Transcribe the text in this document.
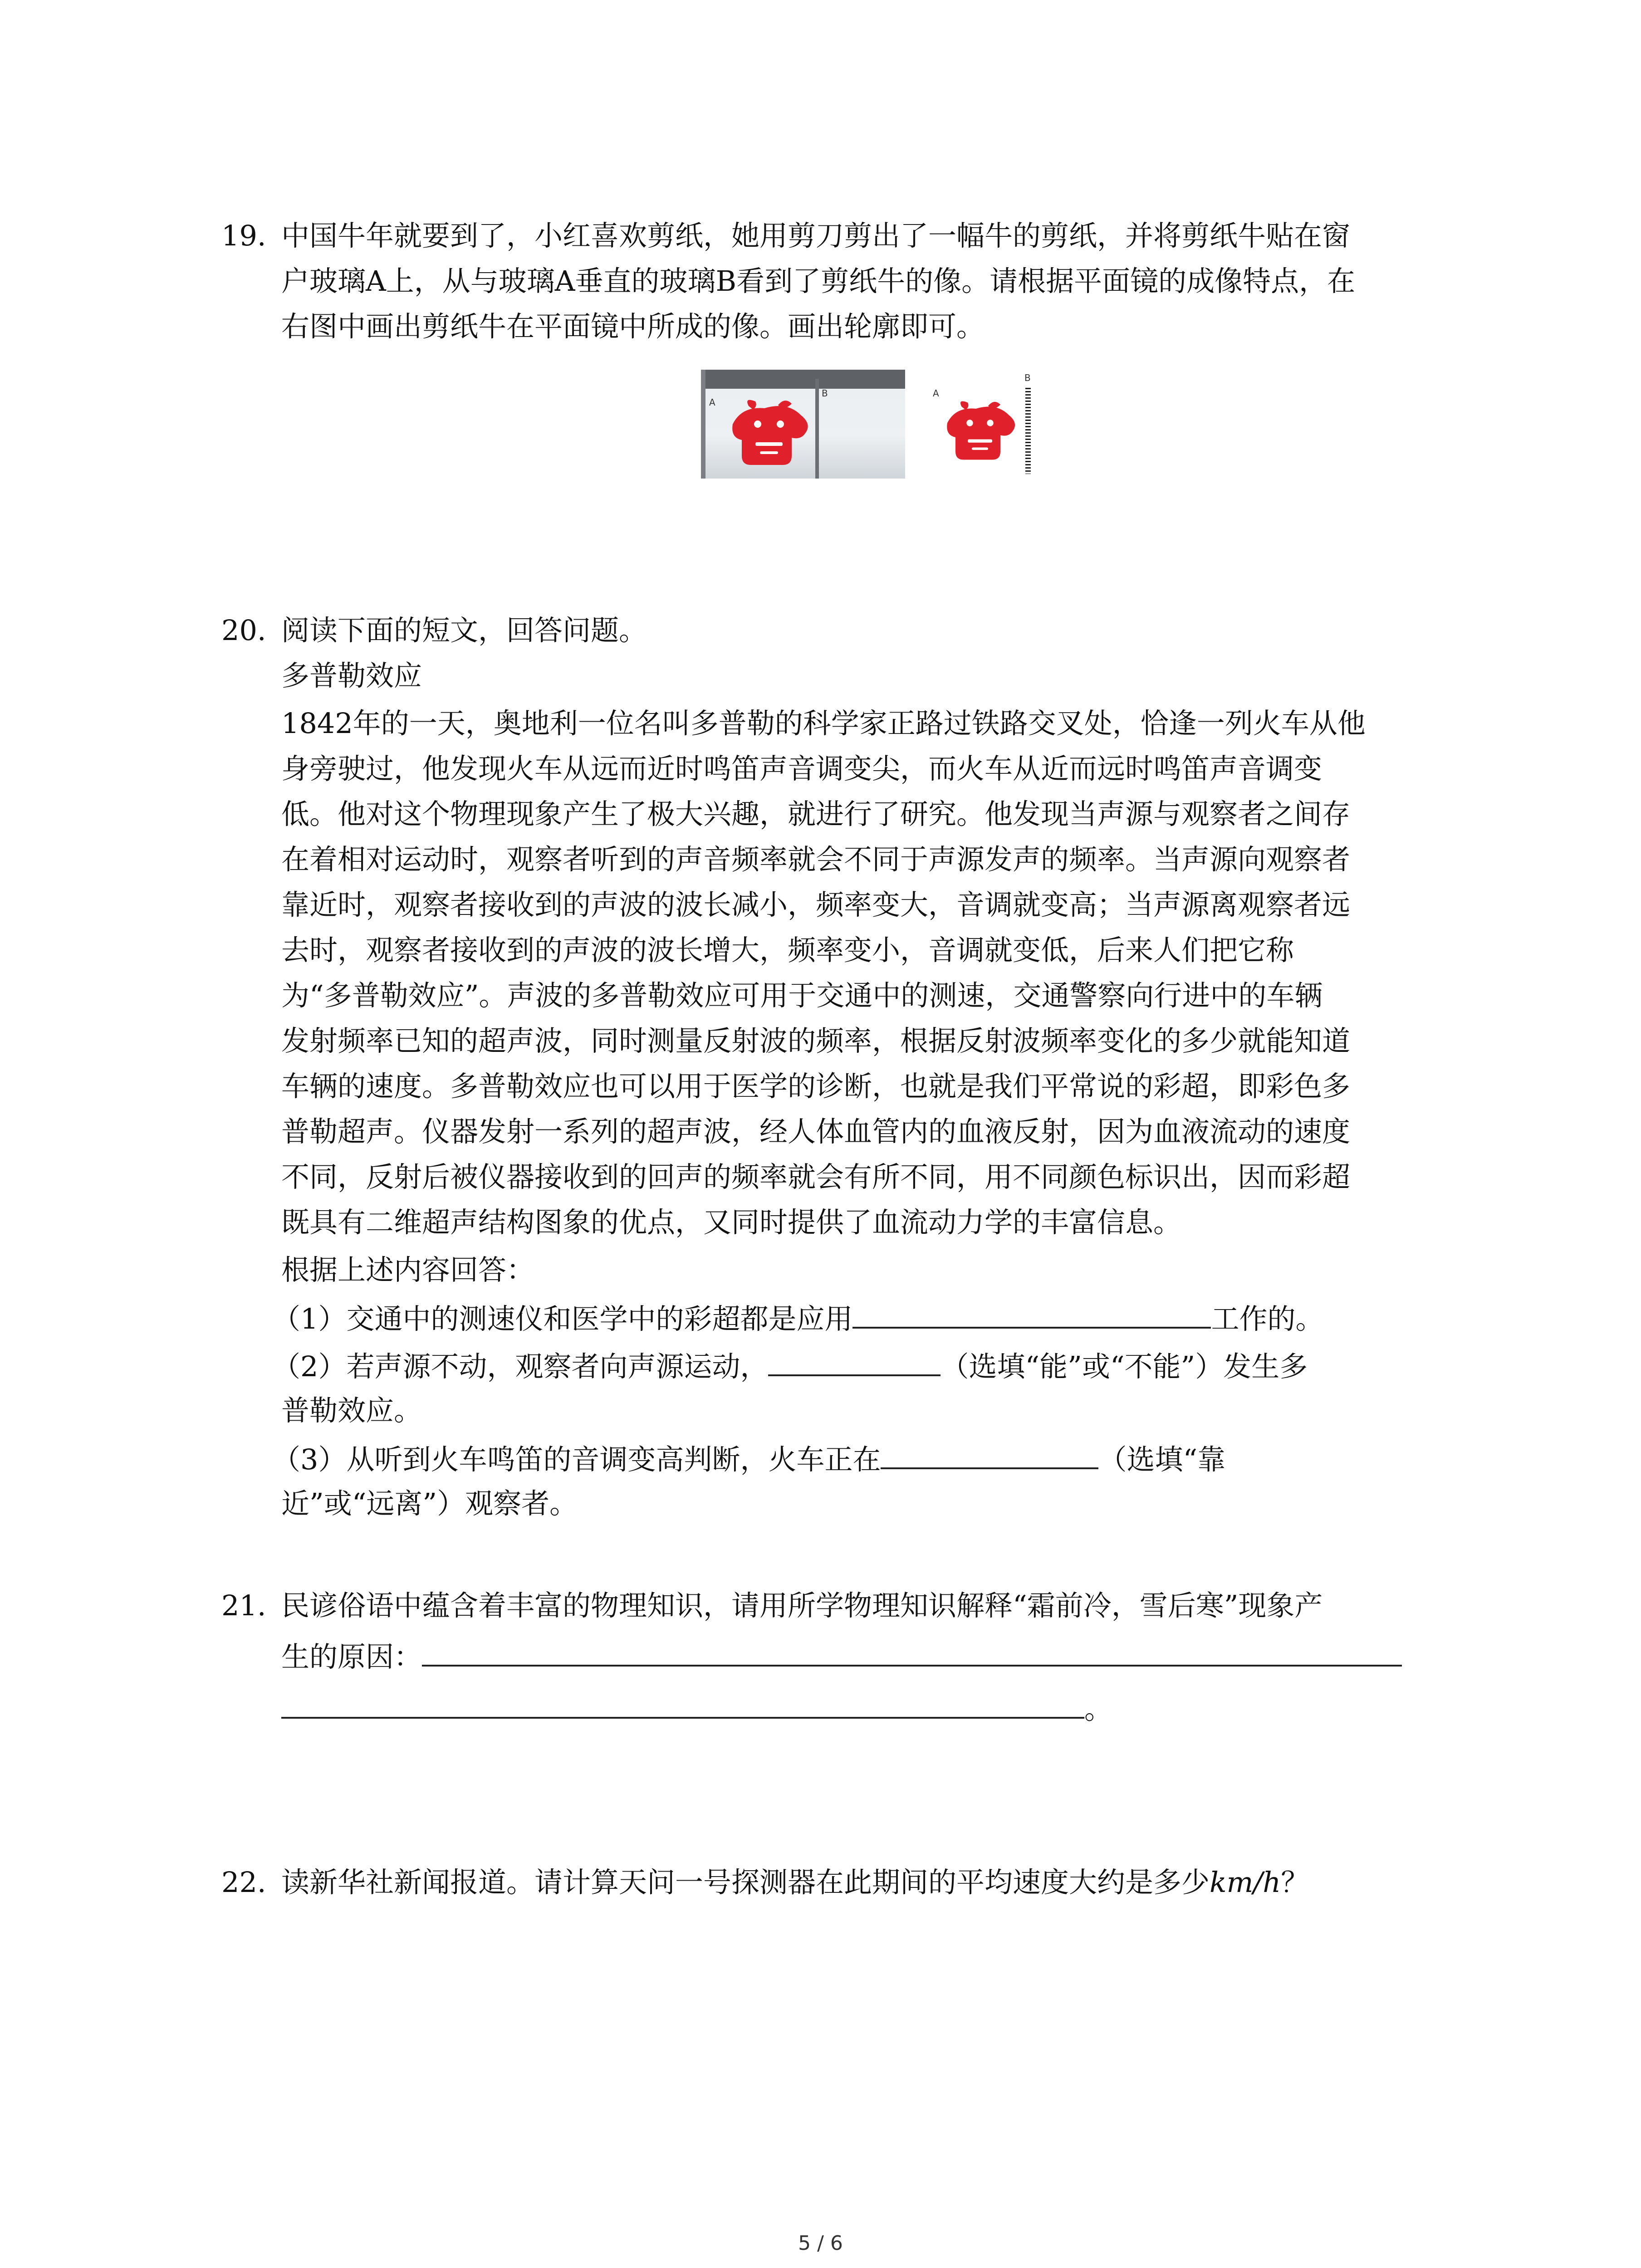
19. 中国牛年就要到了，小红喜欢剪纸，她用剪刀剪出了一幅牛的剪纸，并将剪纸牛贴在窗
户玻璃A上，从与玻璃A垂直的玻璃B看到了剪纸牛的像。请根据平面镜的成像特点，在
右图中画出剪纸牛在平面镜中所成的像。画出轮廓即可。
A
B	A
B
20. 阅读下面的短文，回答问题。
多普勒效应
1842年的一天，奥地利一位名叫多普勒的科学家正路过铁路交叉处，恰逢一列火车从他
身旁驶过，他发现火车从远而近时鸣笛声音调变尖，而火车从近而远时鸣笛声音调变
低。他对这个物理现象产生了极大兴趣，就进行了研究。他发现当声源与观察者之间存
在着相对运动时，观察者听到的声音频率就会不同于声源发声的频率。当声源向观察者
靠近时，观察者接收到的声波的波长减小，频率变大，音调就变高；当声源离观察者远
去时，观察者接收到的声波的波长增大，频率变小，音调就变低，后来人们把它称
为“多普勒效应”。声波的多普勒效应可用于交通中的测速，交通警察向行进中的车辆
发射频率已知的超声波，同时测量反射波的频率，根据反射波频率变化的多少就能知道
车辆的速度。多普勒效应也可以用于医学的诊断，也就是我们平常说的彩超，即彩色多
普勒超声。仪器发射一系列的超声波，经人体血管内的血液反射，因为血液流动的速度
不同，反射后被仪器接收到的回声的频率就会有所不同，用不同颜色标识出，因而彩超
既具有二维超声结构图象的优点，又同时提供了血流动力学的丰富信息。
根据上述内容回答：
（1）交通中的测速仪和医学中的彩超都是应用	工作的。
（2）若声源不动，观察者向声源运动，	（选填“能”或“不能”）发生多
普勒效应。
（3）从听到火车鸣笛的音调变高判断，火车正在	（选填“靠
近”或“远离”）观察者。
21. 民谚俗语中蕴含着丰富的物理知识，请用所学物理知识解释“霜前冷，雪后寒”现象产
生的原因：
。
22. 读新华社新闻报道。请计算天问一号探测器在此期间的平均速度大约是多少km/h？
5 / 6
